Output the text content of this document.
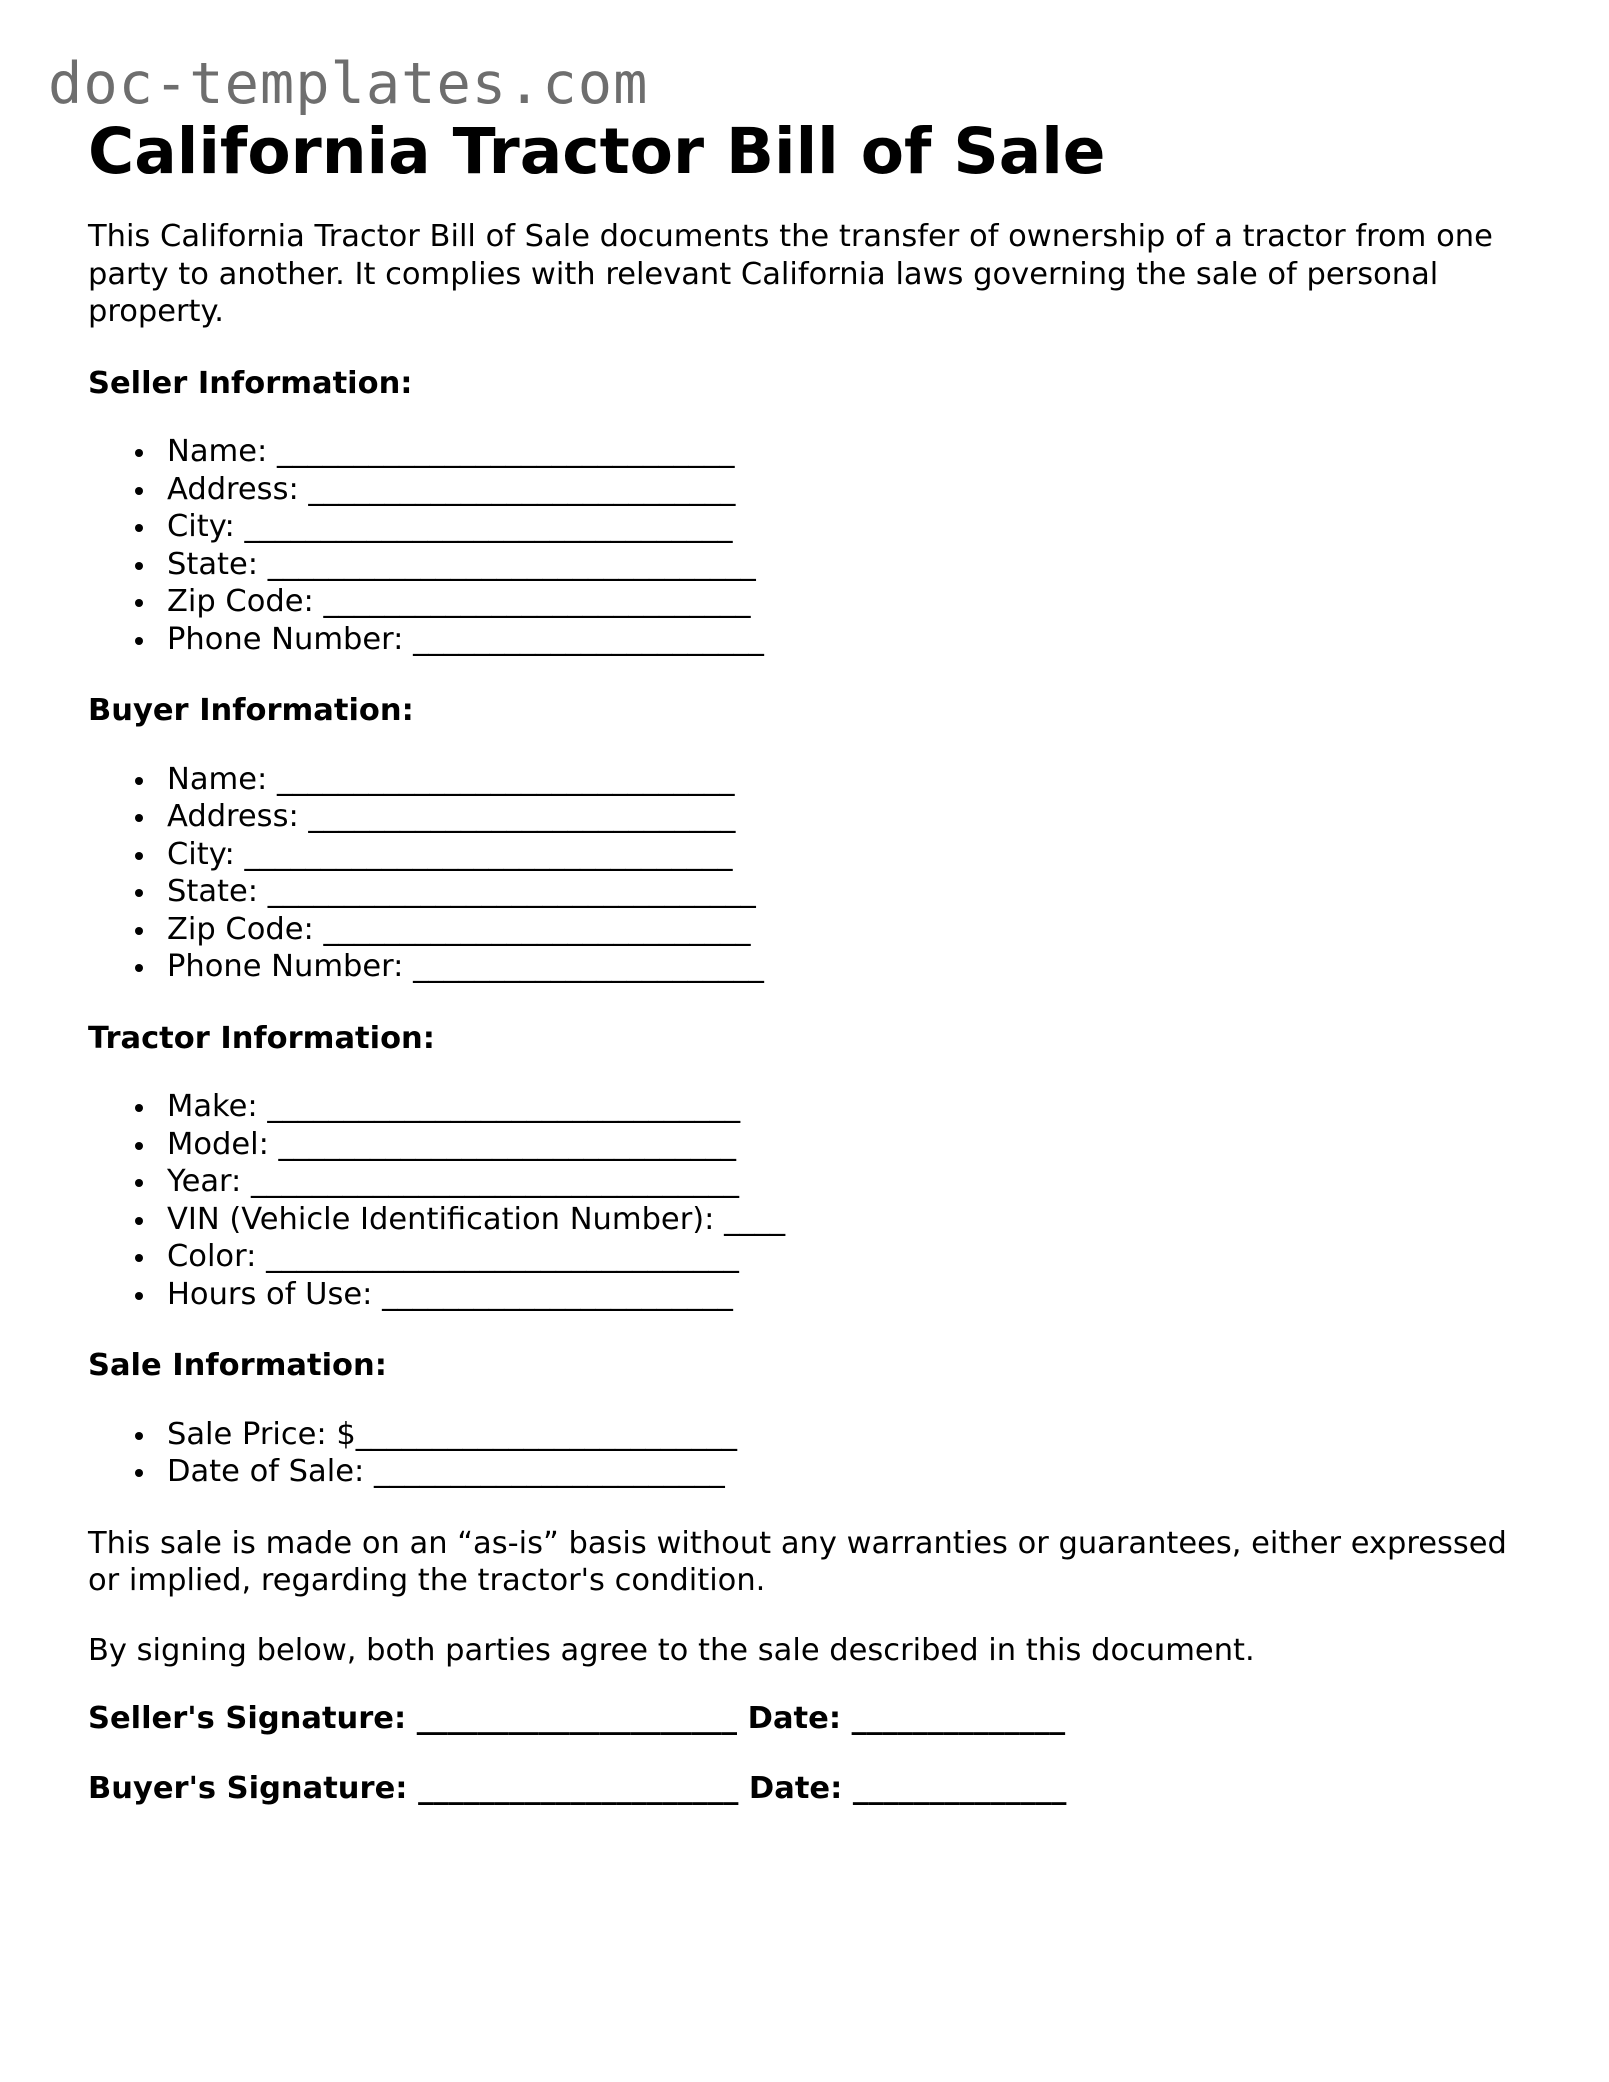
doc-templates.com
California Tractor Bill of Sale

This California Tractor Bill of Sale documents the transfer of ownership of a tractor from one party to another. It complies with relevant California laws governing the sale of personal property.

Seller Information:
Name: ______________________________
Address: ____________________________
City: ________________________________
State: ________________________________
Zip Code: ____________________________
Phone Number: _______________________
Buyer Information:
Name: ______________________________
Address: ____________________________
City: ________________________________
State: ________________________________
Zip Code: ____________________________
Phone Number: _______________________
Tractor Information:
Make: _______________________________
Model: ______________________________
Year: ________________________________
VIN (Vehicle Identification Number): ____
Color: _______________________________
Hours of Use: _______________________
Sale Information:
Sale Price: $_________________________
Date of Sale: _______________________

This sale is made on an “as-is” basis without any warranties or guarantees, either expressed or implied, regarding the tractor's condition.

By signing below, both parties agree to the sale described in this document.

Seller's Signature: _____________________ Date: ______________
Buyer's Signature: _____________________ Date: ______________
